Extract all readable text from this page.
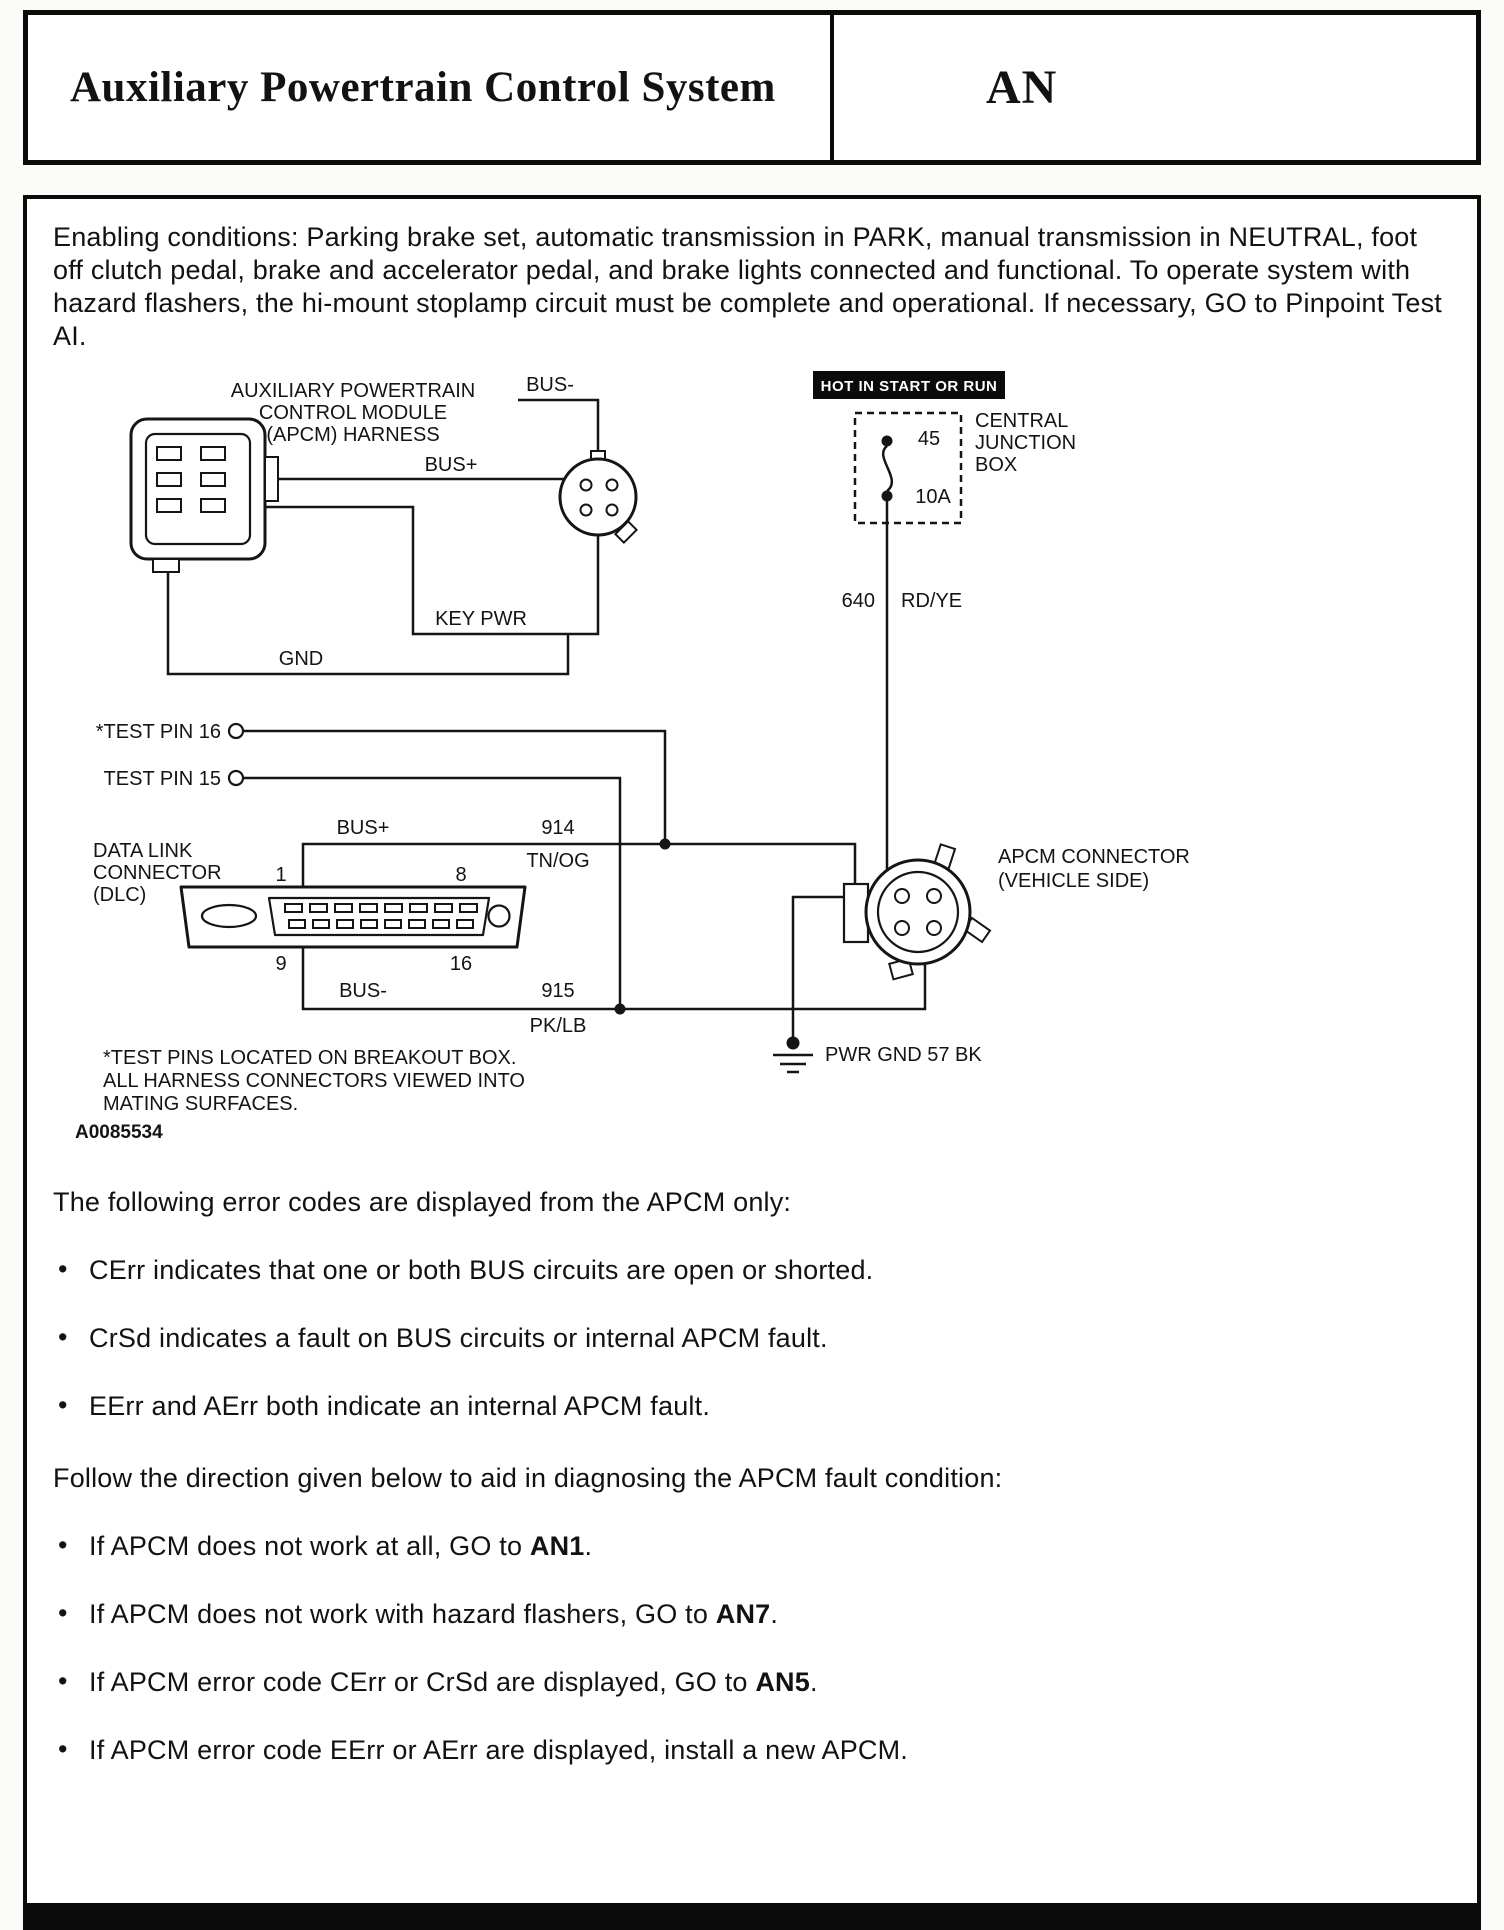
Auxiliary Powertrain Control System	AN

Enabling conditions: Parking brake set, automatic transmission in PARK, manual transmission in NEUTRAL, foot off clutch pedal, brake and accelerator pedal, and brake lights connected and functional. To operate system with hazard flashers, the hi-mount stoplamp circuit must be complete and operational. If necessary, GO to Pinpoint Test AI.

AUXILIARY POWERTRAIN
CONTROL MODULE
(APCM) HARNESS
BUS-
BUS+
KEY PWR
GND
HOT IN START OR RUN
45
10A
CENTRAL
JUNCTION
BOX
640 RD/YE
*TEST PIN 16
TEST PIN 15
BUS+	914
TN/OG
BUS-	915
PK/LB
DATA LINK
CONNECTOR
(DLC)
1	8
9	16
APCM CONNECTOR
(VEHICLE SIDE)
PWR GND 57 BK
*TEST PINS LOCATED ON BREAKOUT BOX.
ALL HARNESS CONNECTORS VIEWED INTO
MATING SURFACES.
A0085534

The following error codes are displayed from the APCM only:

• CErr indicates that one or both BUS circuits are open or shorted.
• CrSd indicates a fault on BUS circuits or internal APCM fault.
• EErr and AErr both indicate an internal APCM fault.

Follow the direction given below to aid in diagnosing the APCM fault condition:

• If APCM does not work at all, GO to AN1.
• If APCM does not work with hazard flashers, GO to AN7.
• If APCM error code CErr or CrSd are displayed, GO to AN5.
• If APCM error code EErr or AErr are displayed, install a new APCM.
